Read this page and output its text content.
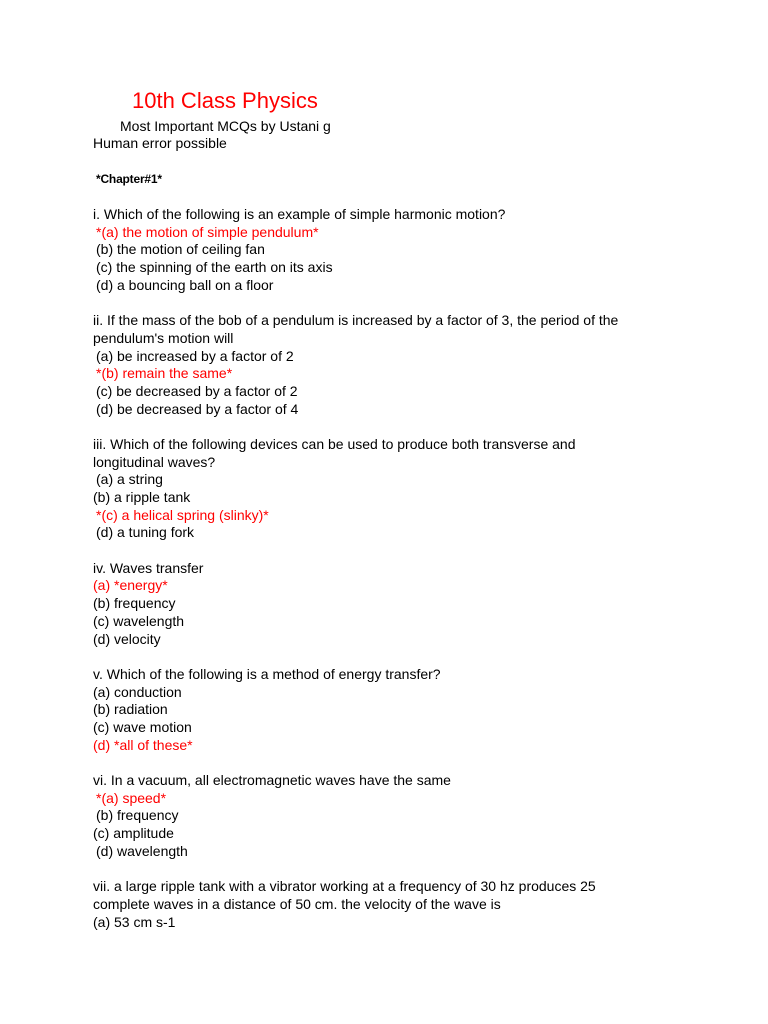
10th Class Physics
Most Important MCQs by Ustani g
Human error possible
*Chapter#1*
i. Which of the following is an example of simple harmonic motion?
*(a) the motion of simple pendulum*
(b) the motion of ceiling fan
(c) the spinning of the earth on its axis
(d) a bouncing ball on a floor
ii. If the mass of the bob of a pendulum is increased by a factor of 3, the period of the
pendulum's motion will
(a) be increased by a factor of 2
*(b) remain the same*
(c) be decreased by a factor of 2
(d) be decreased by a factor of 4
iii. Which of the following devices can be used to produce both transverse and
longitudinal waves?
(a) a string
(b) a ripple tank
*(c) a helical spring (slinky)*
(d) a tuning fork
iv. Waves transfer
(a) *energy*
(b) frequency
(c) wavelength
(d) velocity
v. Which of the following is a method of energy transfer?
(a) conduction
(b) radiation
(c) wave motion
(d) *all of these*
vi. In a vacuum, all electromagnetic waves have the same
*(a) speed*
(b) frequency
(c) amplitude
(d) wavelength
vii. a large ripple tank with a vibrator working at a frequency of 30 hz produces 25
complete waves in a distance of 50 cm. the velocity of the wave is
(a) 53 cm s-1
